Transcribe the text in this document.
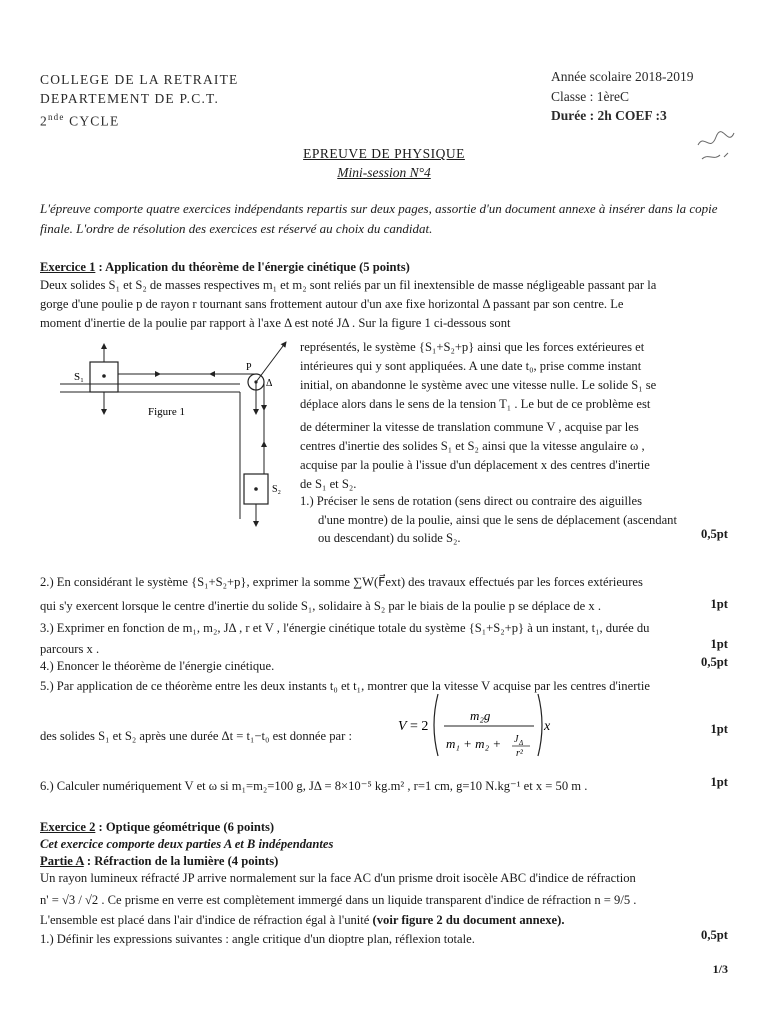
COLLEGE DE LA RETRAITE
DEPARTEMENT DE P.C.T.
2nde CYCLE
Année scolaire 2018-2019
Classe : 1èreC
Durée : 2h COEF :3
EPREUVE DE PHYSIQUE
Mini-session N°4
L'épreuve comporte quatre exercices indépendants repartis sur deux pages, assortie d'un document annexe à insérer dans la copie finale. L'ordre de résolution des exercices est réservé au choix du candidat.
Exercice 1 : Application du théorème de l'énergie cinétique (5 points)
Deux solides S₁ et S₂ de masses respectives m₁ et m₂ sont reliés par un fil inextensible de masse négligeable passant par la
gorge d'une poulie p de rayon r tournant sans frottement autour d'un axe fixe horizontal Δ passant par son centre. Le
moment d'inertie de la poulie par rapport à l'axe Δ est noté JΔ . Sur la figure 1 ci-dessous sont
S₁
P
Δ
S₂
Figure 1
représentés, le système {S₁+S₂+p} ainsi que les forces extérieures et
intérieures qui y sont appliquées. A une date t₀, prise comme instant
initial, on abandonne le système avec une vitesse nulle. Le solide S₁ se
déplace alors dans le sens de la tension T₁ . Le but de ce problème est
de déterminer la vitesse de translation commune V , acquise par les
centres d'inertie des solides S₁ et S₂ ainsi que la vitesse angulaire ω ,
acquise par la poulie à l'issue d'un déplacement x des centres d'inertie
de S₁ et S₂.
1.) Préciser le sens de rotation (sens direct ou contraire des aiguilles
d'une montre) de la poulie, ainsi que le sens de déplacement (ascendant
ou descendant) du solide S₂.	0,5pt
2.) En considérant le système {S₁+S₂+p}, exprimer la somme ∑W(F⃗ext) des travaux effectués par les forces extérieures
qui s'y exercent lorsque le centre d'inertie du solide S₁, solidaire à S₂ par le biais de la poulie p se déplace de x .	1pt
3.) Exprimer en fonction de m₁, m₂, JΔ , r et V , l'énergie cinétique totale du système {S₁+S₂+p} à un instant, t₁, durée du
parcours x .	1pt
4.) Enoncer le théorème de l'énergie cinétique.	0,5pt
5.) Par application de ce théorème entre les deux instants t₀ et t₁, montrer que la vitesse V acquise par les centres d'inertie
des solides S₁ et S₂ après une durée Δt = t₁−t₀ est donnée par :
V = 2
m₂g
m₁ + m₂ + J Δ
r²
x	1pt
6.) Calculer numériquement V et ω si m₁=m₂=100 g, JΔ = 8×10⁻⁵ kg.m² , r=1 cm, g=10 N.kg⁻¹ et x = 50 m .	1pt
Exercice 2 : Optique géométrique (6 points)
Cet exercice comporte deux parties A et B indépendantes
Partie A : Réfraction de la lumière (4 points)
Un rayon lumineux réfracté JP arrive normalement sur la face AC d'un prisme droit isocèle ABC d'indice de réfraction
n' = √3 / √2 . Ce prisme en verre est complètement immergé dans un liquide transparent d'indice de réfraction n = 9/5 .
L'ensemble est placé dans l'air d'indice de réfraction égal à l'unité (voir figure 2 du document annexe).
1.) Définir les expressions suivantes : angle critique d'un dioptre plan, réflexion totale.	0,5pt
1/3
